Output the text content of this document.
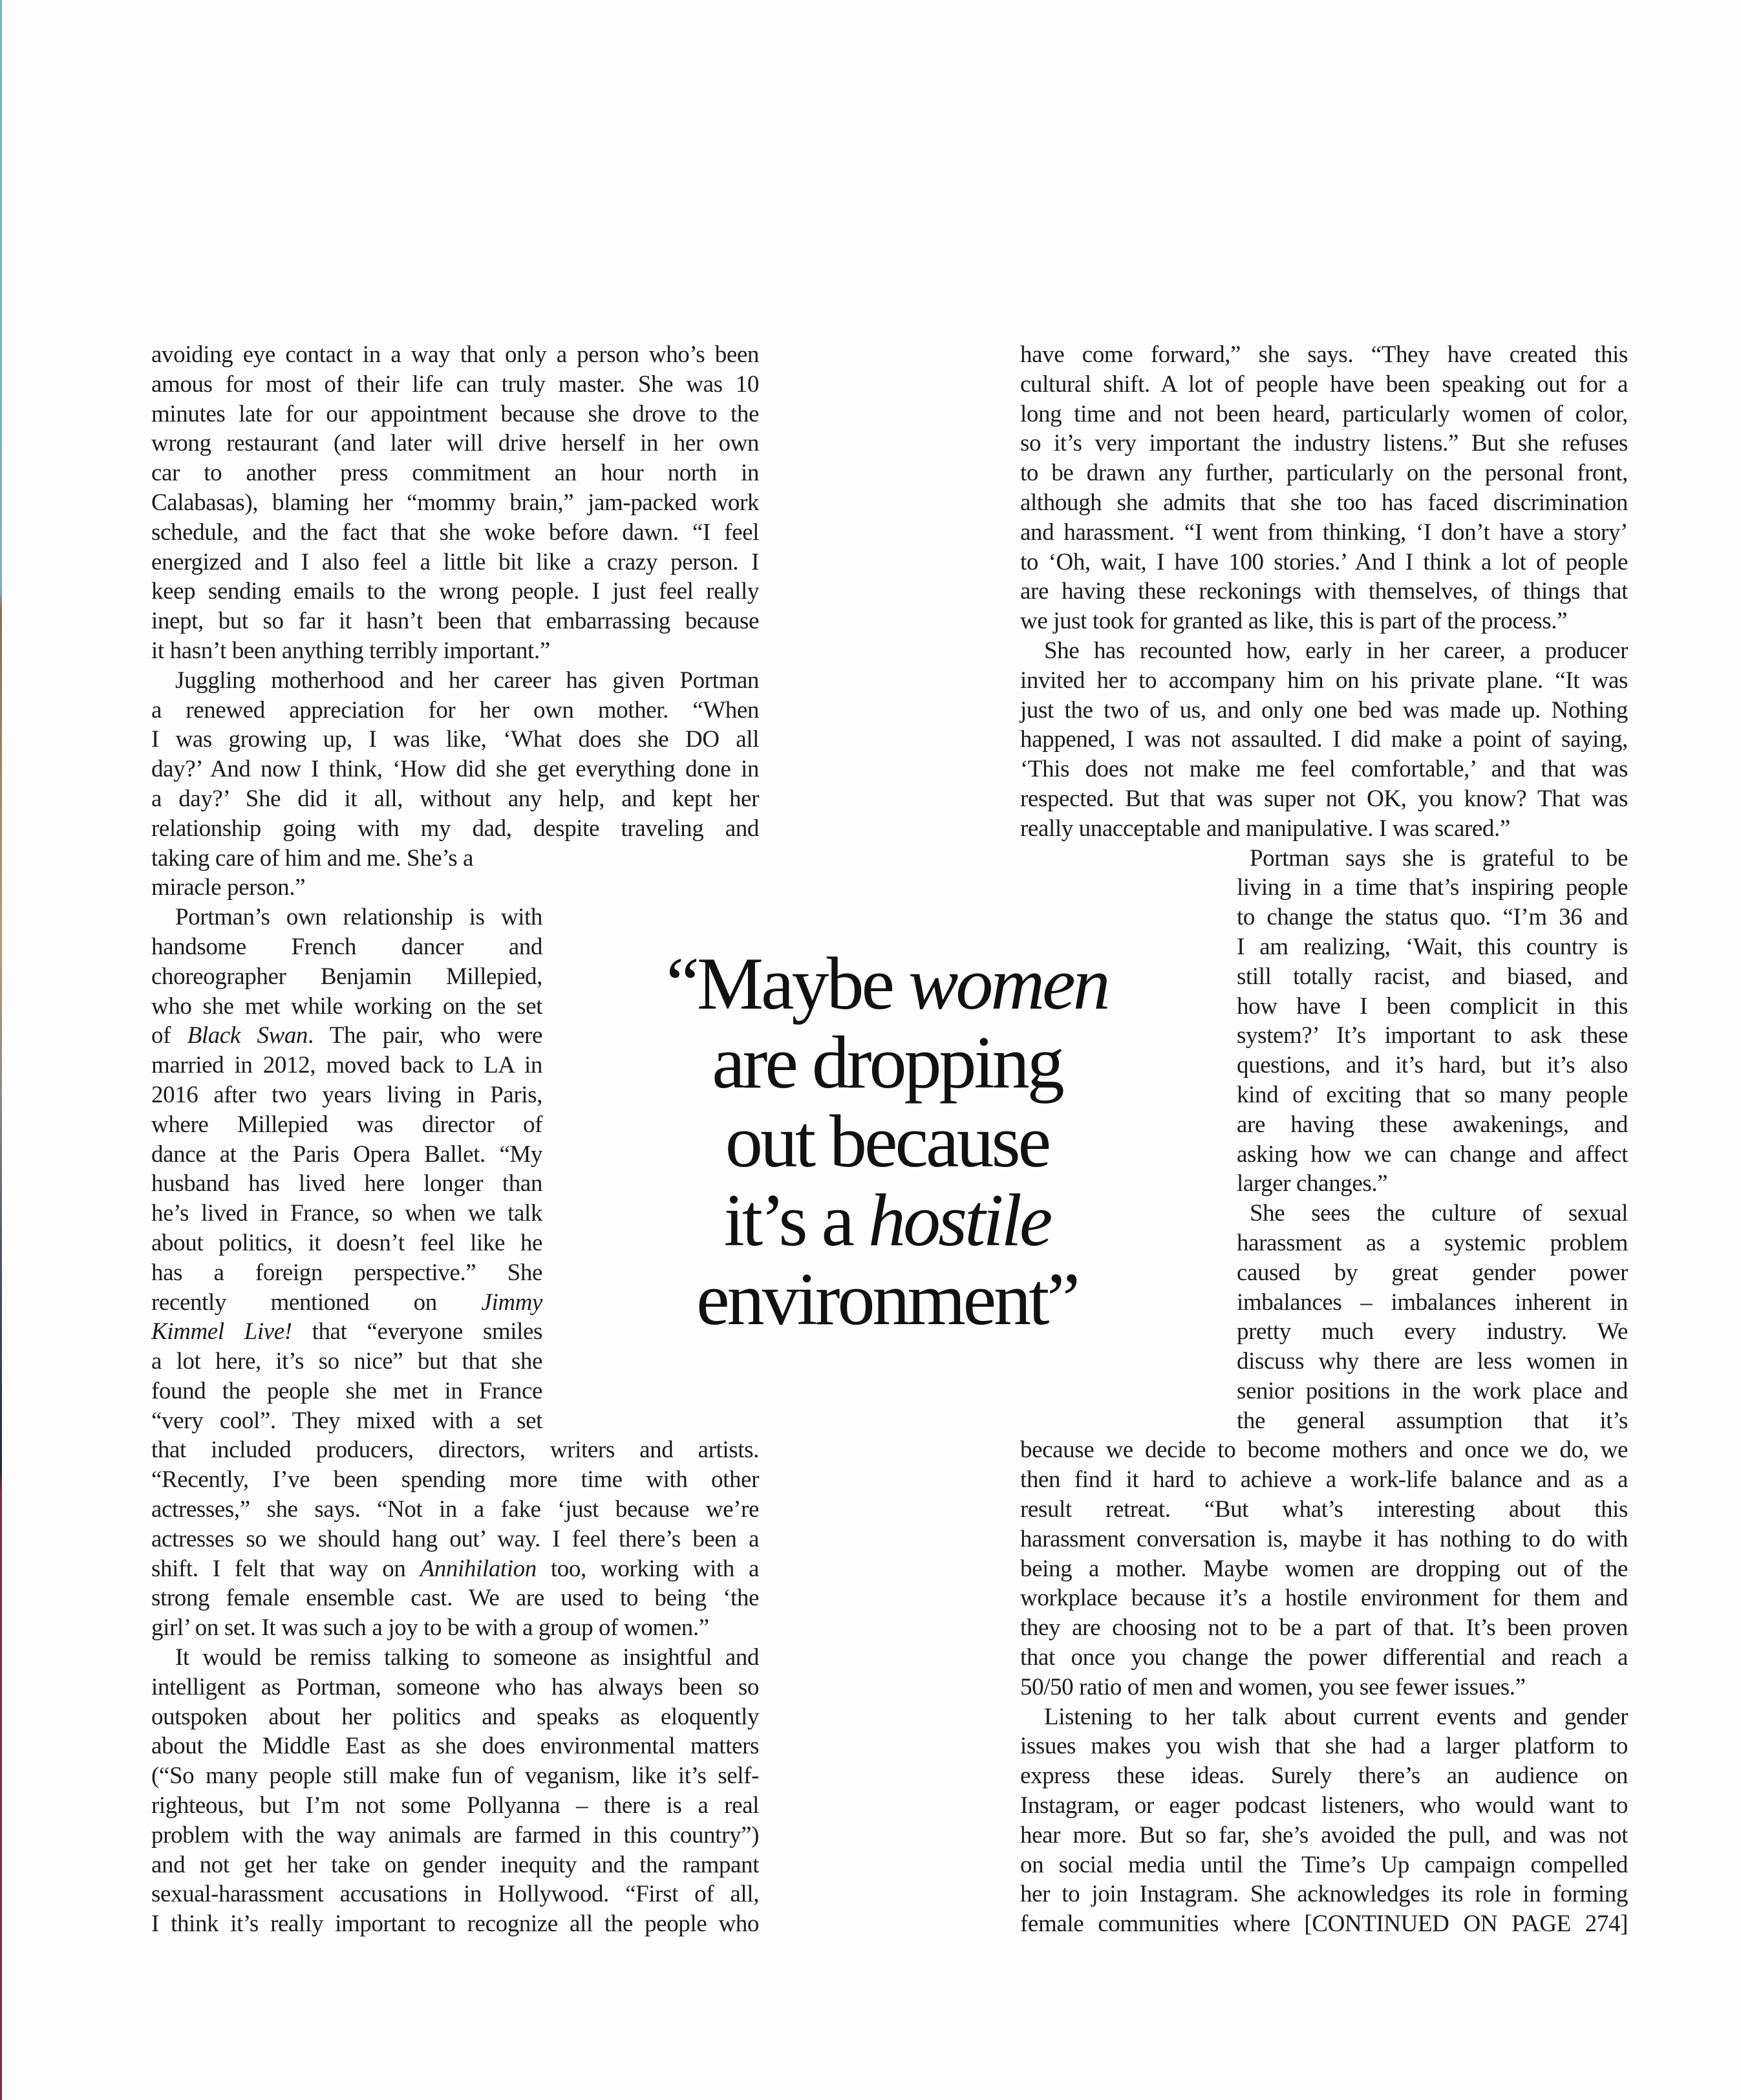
avoiding eye contact in a way that only a person who’s been
amous for most of their life can truly master. She was 10
minutes late for our appointment because she drove to the
wrong restaurant (and later will drive herself in her own
car to another press commitment an hour north in
Calabasas), blaming her “mommy brain,” jam-packed work
schedule, and the fact that she woke before dawn. “I feel
energized and I also feel a little bit like a crazy person. I
keep sending emails to the wrong people. I just feel really
inept, but so far it hasn’t been that embarrassing because
it hasn’t been anything terribly important.”
Juggling motherhood and her career has given Portman
a renewed appreciation for her own mother. “When
I was growing up, I was like, ‘What does she DO all
day?’ And now I think, ‘How did she get everything done in
a day?’ She did it all, without any help, and kept her
relationship going with my dad, despite traveling and
taking care of him and me. She’s a
miracle person.”
Portman’s own relationship is with
handsome French dancer and
choreographer Benjamin Millepied,
who she met while working on the set
of Black Swan. The pair, who were
married in 2012, moved back to LA in
2016 after two years living in Paris,
where Millepied was director of
dance at the Paris Opera Ballet. “My
husband has lived here longer than
he’s lived in France, so when we talk
about politics, it doesn’t feel like he
has a foreign perspective.” She
recently mentioned on Jimmy
Kimmel Live! that “everyone smiles
a lot here, it’s so nice” but that she
found the people she met in France
“very cool”. They mixed with a set
that included producers, directors, writers and artists.
“Recently, I’ve been spending more time with other
actresses,” she says. “Not in a fake ‘just because we’re
actresses so we should hang out’ way. I feel there’s been a
shift. I felt that way on Annihilation too, working with a
strong female ensemble cast. We are used to being ‘the
girl’ on set. It was such a joy to be with a group of women.”
It would be remiss talking to someone as insightful and
intelligent as Portman, someone who has always been so
outspoken about her politics and speaks as eloquently
about the Middle East as she does environmental matters
(“So many people still make fun of veganism, like it’s self-
righteous, but I’m not some Pollyanna – there is a real
problem with the way animals are farmed in this country”)
and not get her take on gender inequity and the rampant
sexual-harassment accusations in Hollywood. “First of all,
I think it’s really important to recognize all the people who
have come forward,” she says. “They have created this
cultural shift. A lot of people have been speaking out for a
long time and not been heard, particularly women of color,
so it’s very important the industry listens.” But she refuses
to be drawn any further, particularly on the personal front,
although she admits that she too has faced discrimination
and harassment. “I went from thinking, ‘I don’t have a story’
to ‘Oh, wait, I have 100 stories.’ And I think a lot of people
are having these reckonings with themselves, of things that
we just took for granted as like, this is part of the process.”
She has recounted how, early in her career, a producer
invited her to accompany him on his private plane. “It was
just the two of us, and only one bed was made up. Nothing
happened, I was not assaulted. I did make a point of saying,
‘This does not make me feel comfortable,’ and that was
respected. But that was super not OK, you know? That was
really unacceptable and manipulative. I was scared.”
Portman says she is grateful to be
living in a time that’s inspiring people
to change the status quo. “I’m 36 and
I am realizing, ‘Wait, this country is
still totally racist, and biased, and
how have I been complicit in this
system?’ It’s important to ask these
questions, and it’s hard, but it’s also
kind of exciting that so many people
are having these awakenings, and
asking how we can change and affect
larger changes.”
She sees the culture of sexual
harassment as a systemic problem
caused by great gender power
imbalances – imbalances inherent in
pretty much every industry. We
discuss why there are less women in
senior positions in the work place and
the general assumption that it’s
because we decide to become mothers and once we do, we
then find it hard to achieve a work-life balance and as a
result retreat. “But what’s interesting about this
harassment conversation is, maybe it has nothing to do with
being a mother. Maybe women are dropping out of the
workplace because it’s a hostile environment for them and
they are choosing not to be a part of that. It’s been proven
that once you change the power differential and reach a
50/50 ratio of men and women, you see fewer issues.”
Listening to her talk about current events and gender
issues makes you wish that she had a larger platform to
express these ideas. Surely there’s an audience on
Instagram, or eager podcast listeners, who would want to
hear more. But so far, she’s avoided the pull, and was not
on social media until the Time’s Up campaign compelled
her to join Instagram. She acknowledges its role in forming
female communities where [CONTINUED ON PAGE 274]
“Maybe women
are dropping
out because
it’s a hostile
environment”
